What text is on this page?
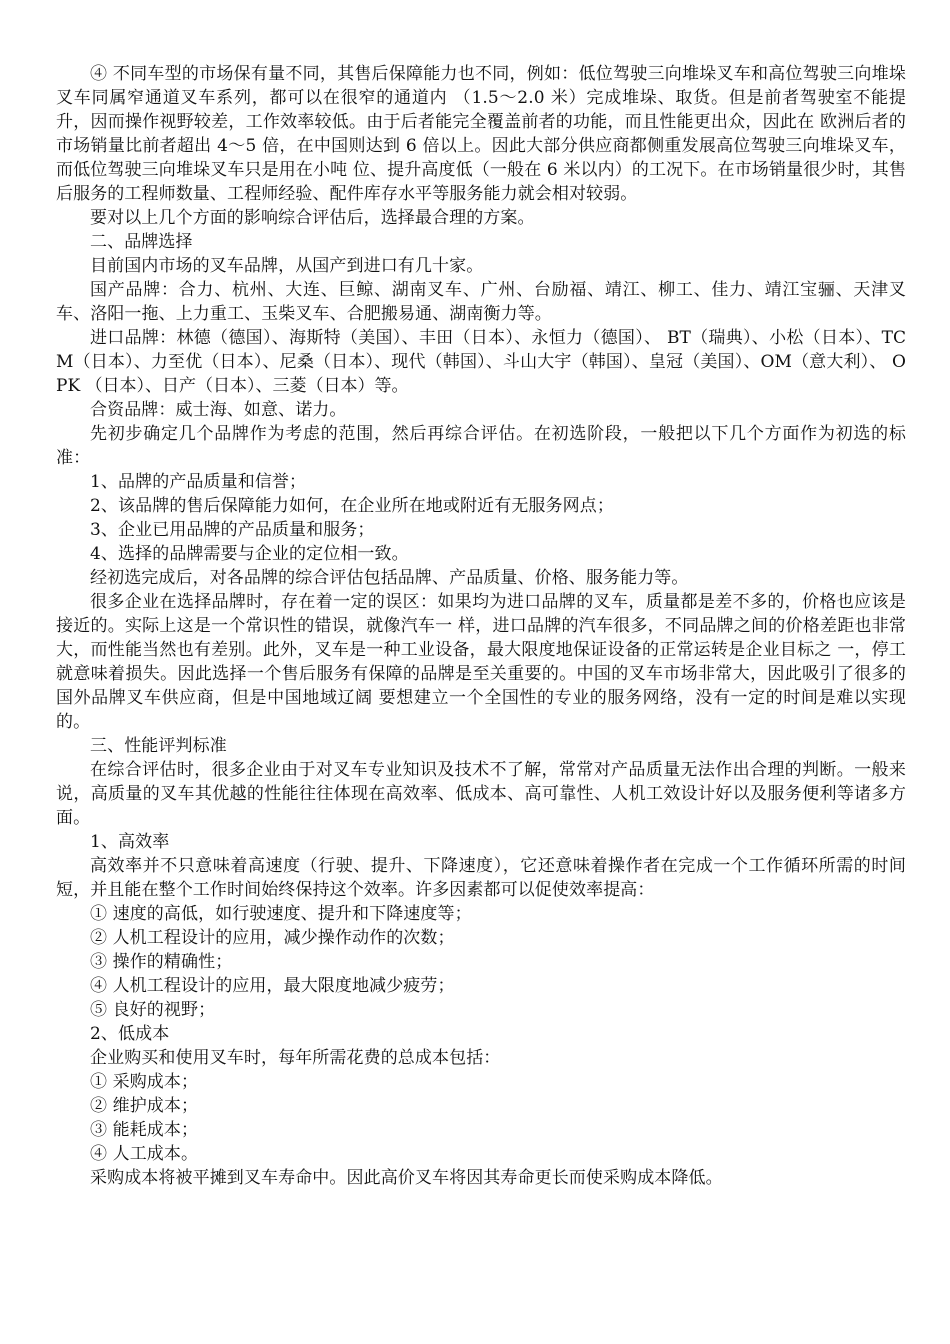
④ 不同车型的市场保有量不同，其售后保障能力也不同，例如：低位驾驶三向堆垛叉车和高位驾驶三向堆垛叉车同属窄通道叉车系列，都可以在很窄的通道内 （1.5～2.0 米）完成堆垛、取货。但是前者驾驶室不能提升，因而操作视野较差，工作效率较低。由于后者能完全覆盖前者的功能，而且性能更出众，因此在 欧洲后者的市场销量比前者超出 4～5 倍，在中国则达到 6 倍以上。因此大部分供应商都侧重发展高位驾驶三向堆垛叉车，而低位驾驶三向堆垛叉车只是用在小吨 位、提升高度低（一般在 6 米以内）的工况下。在市场销量很少时，其售后服务的工程师数量、工程师经验、配件库存水平等服务能力就会相对较弱。

要对以上几个方面的影响综合评估后，选择最合理的方案。

二、品牌选择

目前国内市场的叉车品牌，从国产到进口有几十家。

国产品牌：合力、杭州、大连、巨鲸、湖南叉车、广州、台励福、靖江、柳工、佳力、靖江宝骊、天津叉车、洛阳一拖、上力重工、玉柴叉车、合肥搬易通、湖南衡力等。

进口品牌：林德（德国）、海斯特（美国）、丰田（日本）、永恒力（德国）、 BT（瑞典）、小松（日本）、TCM（日本）、力至优（日本）、尼桑（日本）、现代（韩国）、斗山大宇（韩国）、皇冠（美国）、OM（意大利）、 OPK （日本）、日产（日本）、三菱（日本）等。

合资品牌：威士海、如意、诺力。

先初步确定几个品牌作为考虑的范围，然后再综合评估。在初选阶段，一般把以下几个方面作为初选的标准：

1、品牌的产品质量和信誉；

2、该品牌的售后保障能力如何，在企业所在地或附近有无服务网点；

3、企业已用品牌的产品质量和服务；

4、选择的品牌需要与企业的定位相一致。

经初选完成后，对各品牌的综合评估包括品牌、产品质量、价格、服务能力等。

很多企业在选择品牌时，存在着一定的误区：如果均为进口品牌的叉车，质量都是差不多的，价格也应该是接近的。实际上这是一个常识性的错误，就像汽车一 样，进口品牌的汽车很多，不同品牌之间的价格差距也非常大，而性能当然也有差别。此外，叉车是一种工业设备，最大限度地保证设备的正常运转是企业目标之 一，停工就意味着损失。因此选择一个售后服务有保障的品牌是至关重要的。中国的叉车市场非常大，因此吸引了很多的国外品牌叉车供应商，但是中国地域辽阔 要想建立一个全国性的专业的服务网络，没有一定的时间是难以实现的。

三、性能评判标准

在综合评估时，很多企业由于对叉车专业知识及技术不了解，常常对产品质量无法作出合理的判断。一般来说，高质量的叉车其优越的性能往往体现在高效率、低成本、高可靠性、人机工效设计好以及服务便利等诸多方面。

1、高效率

高效率并不只意味着高速度（行驶、提升、下降速度），它还意味着操作者在完成一个工作循环所需的时间短，并且能在整个工作时间始终保持这个效率。许多因素都可以促使效率提高：

① 速度的高低，如行驶速度、提升和下降速度等；

② 人机工程设计的应用，减少操作动作的次数；

③ 操作的精确性；

④ 人机工程设计的应用，最大限度地减少疲劳；

⑤ 良好的视野；

2、低成本

企业购买和使用叉车时，每年所需花费的总成本包括：

① 采购成本；

② 维护成本；

③ 能耗成本；

④ 人工成本。

采购成本将被平摊到叉车寿命中。因此高价叉车将因其寿命更长而使采购成本降低。
